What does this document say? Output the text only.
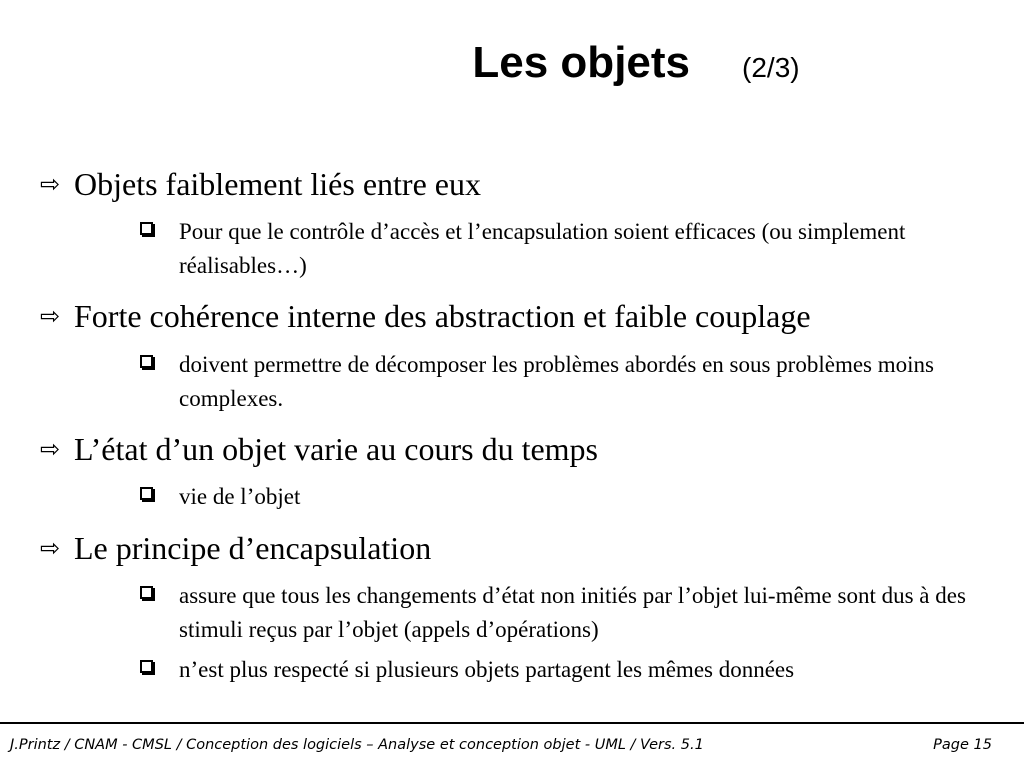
Les objets (2/3)
⇨ Objets faiblement liés entre eux
Pour que le contrôle d’accès et l’encapsulation soient efficaces (ou simplement réalisables…)
⇨ Forte cohérence interne des abstraction et faible couplage
doivent permettre de décomposer les problèmes abordés en sous problèmes moins complexes.
⇨ L’état d’un objet varie au cours du temps
vie de l’objet
⇨ Le principe d’encapsulation
assure que tous les changements d’état non initiés par l’objet lui-même sont dus à des stimuli reçus par l’objet (appels d’opérations)
n’est plus respecté si plusieurs objets partagent les mêmes données
J.Printz / CNAM - CMSL / Conception des logiciels – Analyse et conception objet - UML / Vers. 5.1	Page 15
